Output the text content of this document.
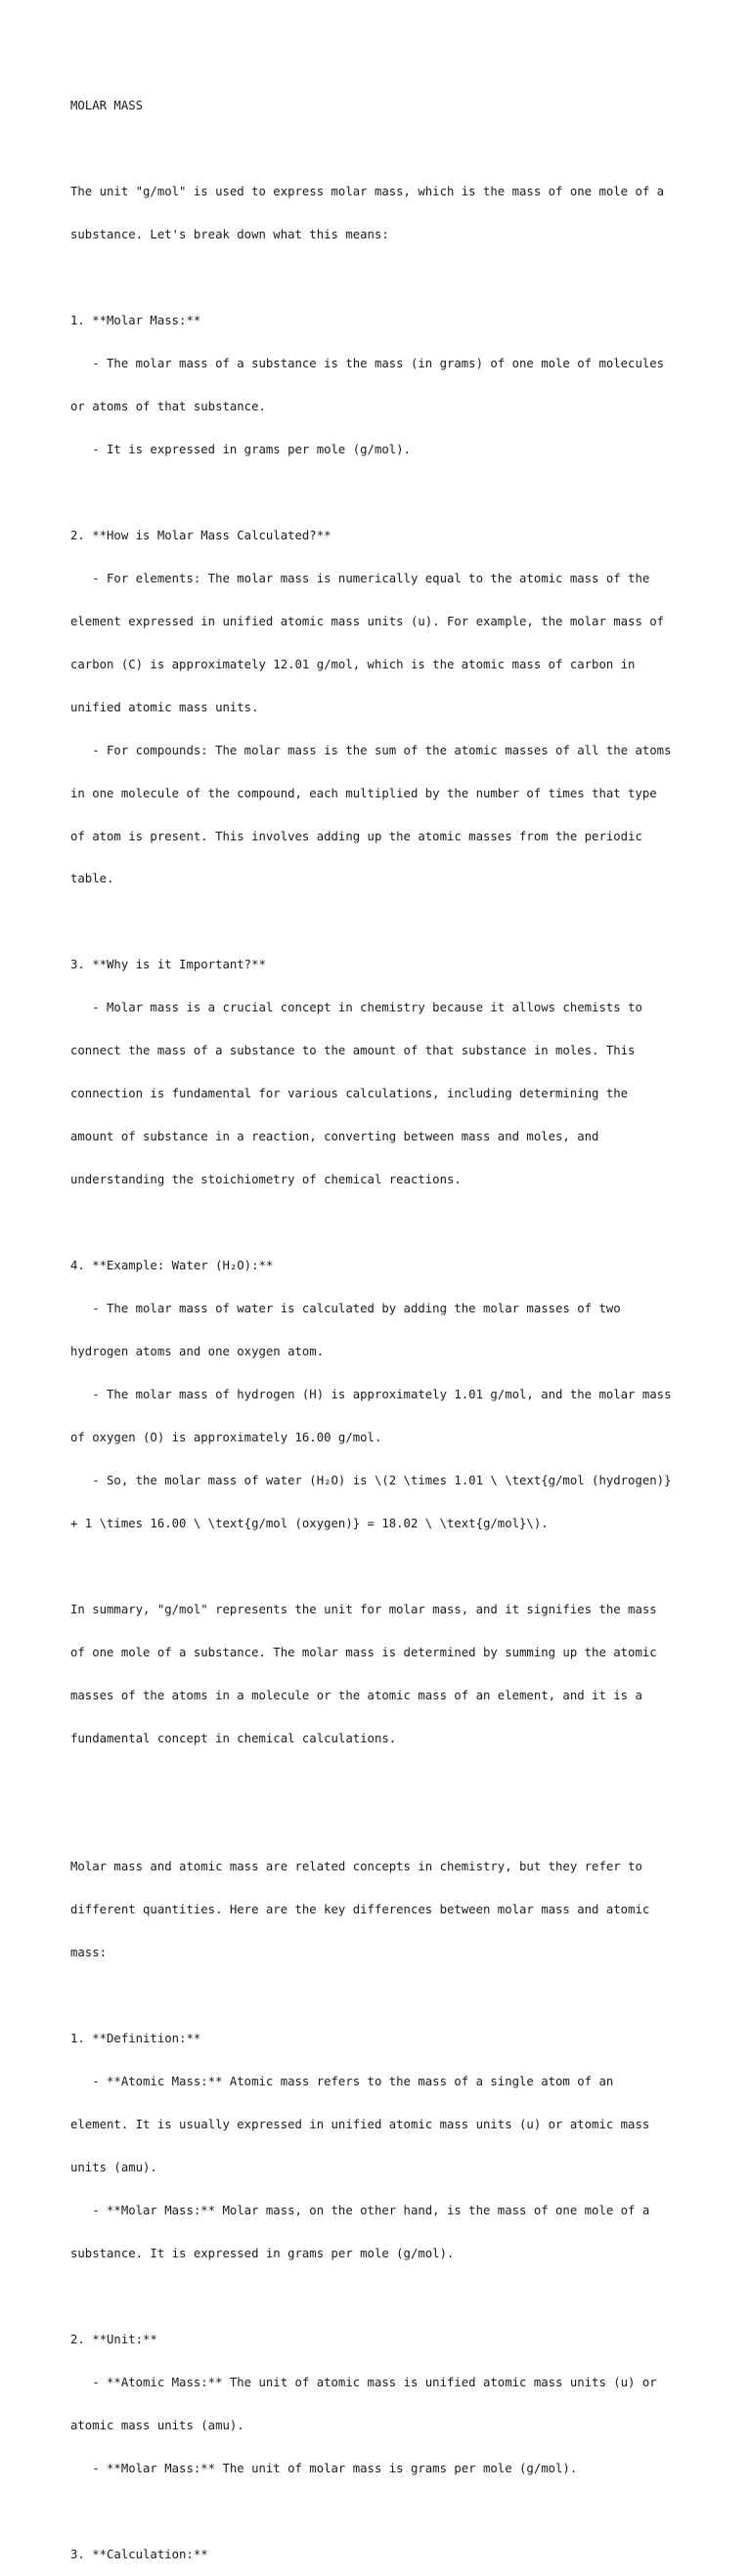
MOLAR MASS

The unit "g/mol" is used to express molar mass, which is the mass of one mole of a

substance. Let's break down what this means:

1. **Molar Mass:**

- The molar mass of a substance is the mass (in grams) of one mole of molecules

or atoms of that substance.

- It is expressed in grams per mole (g/mol).

2. **How is Molar Mass Calculated?**

- For elements: The molar mass is numerically equal to the atomic mass of the

element expressed in unified atomic mass units (u). For example, the molar mass of

carbon (C) is approximately 12.01 g/mol, which is the atomic mass of carbon in

unified atomic mass units.

- For compounds: The molar mass is the sum of the atomic masses of all the atoms

in one molecule of the compound, each multiplied by the number of times that type

of atom is present. This involves adding up the atomic masses from the periodic

table.

3. **Why is it Important?**

- Molar mass is a crucial concept in chemistry because it allows chemists to

connect the mass of a substance to the amount of that substance in moles. This

connection is fundamental for various calculations, including determining the

amount of substance in a reaction, converting between mass and moles, and

understanding the stoichiometry of chemical reactions.

4. **Example: Water (H₂O):**

- The molar mass of water is calculated by adding the molar masses of two

hydrogen atoms and one oxygen atom.

- The molar mass of hydrogen (H) is approximately 1.01 g/mol, and the molar mass

of oxygen (O) is approximately 16.00 g/mol.

- So, the molar mass of water (H₂O) is \(2 \times 1.01 \ \text{g/mol (hydrogen)}

+ 1 \times 16.00 \ \text{g/mol (oxygen)} = 18.02 \ \text{g/mol}\).

In summary, "g/mol" represents the unit for molar mass, and it signifies the mass

of one mole of a substance. The molar mass is determined by summing up the atomic

masses of the atoms in a molecule or the atomic mass of an element, and it is a

fundamental concept in chemical calculations.

Molar mass and atomic mass are related concepts in chemistry, but they refer to

different quantities. Here are the key differences between molar mass and atomic

mass:

1. **Definition:**

- **Atomic Mass:** Atomic mass refers to the mass of a single atom of an

element. It is usually expressed in unified atomic mass units (u) or atomic mass

units (amu).

- **Molar Mass:** Molar mass, on the other hand, is the mass of one mole of a

substance. It is expressed in grams per mole (g/mol).

2. **Unit:**

- **Atomic Mass:** The unit of atomic mass is unified atomic mass units (u) or

atomic mass units (amu).

- **Molar Mass:** The unit of molar mass is grams per mole (g/mol).

3. **Calculation:**
